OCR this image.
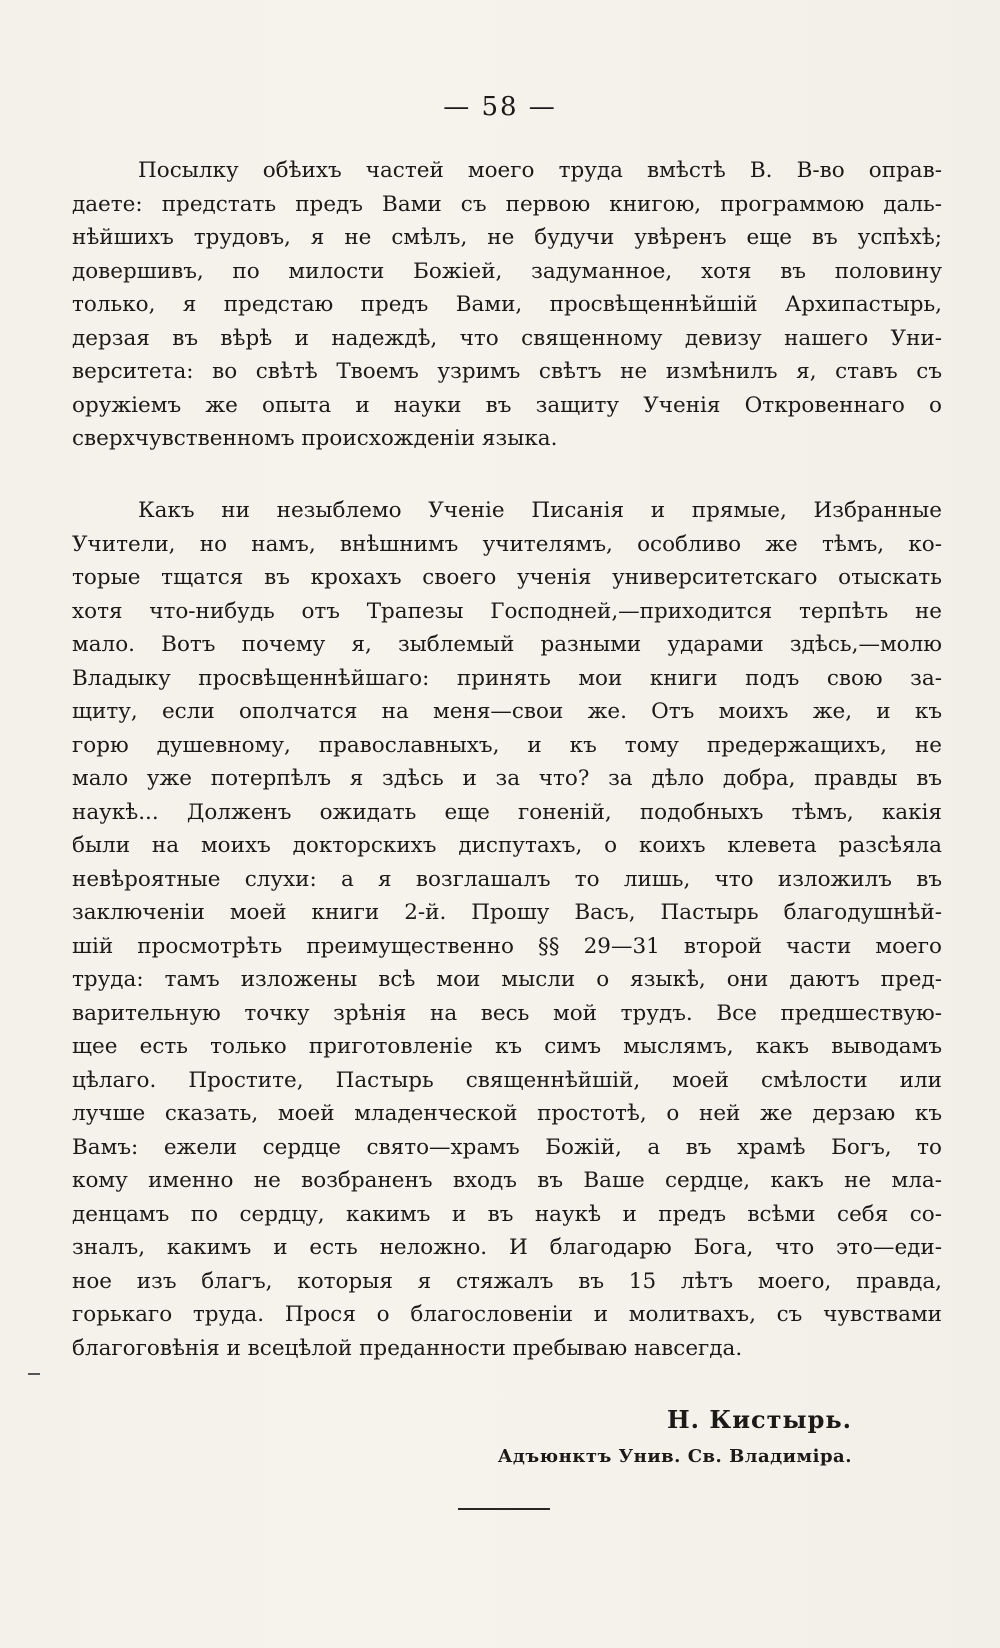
— 58 —
Посылку обѣихъ частей моего труда вмѣстѣ В. В-во оправ-
даете: предстать предъ Вами съ первою книгою, программою даль-
нѣйшихъ трудовъ, я не смѣлъ, не будучи увѣренъ еще въ успѣхѣ;
довершивъ, по милости Божіей, задуманное, хотя въ половину
только, я предстаю предъ Вами, просвѣщеннѣйшій Архипастырь,
дерзая въ вѣрѣ и надеждѣ, что священному девизу нашего Уни-
верситета: во свѣтѣ Твоемъ узримъ свѣтъ не измѣнилъ я, ставъ съ
оружіемъ же опыта и науки въ защиту Ученія Откровеннаго о
сверхчувственномъ происхожденіи языка.
Какъ ни незыблемо Ученіе Писанія и прямые, Избранные
Учители, но намъ, внѣшнимъ учителямъ, особливо же тѣмъ, ко-
торые тщатся въ крохахъ своего ученія университетскаго отыскать
хотя что-нибудь отъ Трапезы Господней,—приходится терпѣть не
мало. Вотъ почему я, зыблемый разными ударами здѣсь,—молю
Владыку просвѣщеннѣйшаго: принять мои книги подъ свою за-
щиту, если ополчатся на меня—свои же. Отъ моихъ же, и къ
горю душевному, православныхъ, и къ тому предержащихъ, не
мало уже потерпѣлъ я здѣсь и за что? за дѣло добра, правды въ
наукѣ... Долженъ ожидать еще гоненій, подобныхъ тѣмъ, какія
были на моихъ докторскихъ диспутахъ, о коихъ клевета разсѣяла
невѣроятные слухи: а я возглашалъ то лишь, что изложилъ въ
заключеніи моей книги 2-й. Прошу Васъ, Пастырь благодушнѣй-
шій просмотрѣть преимущественно §§ 29—31 второй части моего
труда: тамъ изложены всѣ мои мысли о языкѣ, они даютъ пред-
варительную точку зрѣнія на весь мой трудъ. Все предшествую-
щее есть только приготовленіе къ симъ мыслямъ, какъ выводамъ
цѣлаго. Простите, Пастырь священнѣйшій, моей смѣлости или
лучше сказать, моей младенческой простотѣ, о ней же дерзаю къ
Вамъ: ежели сердце свято—храмъ Божій, а въ храмѣ Богъ, то
кому именно не возбраненъ входъ въ Ваше сердце, какъ не мла-
денцамъ по сердцу, какимъ и въ наукѣ и предъ всѣми себя со-
зналъ, какимъ и есть неложно. И благодарю Бога, что это—еди-
ное изъ благъ, которыя я стяжалъ въ 15 лѣтъ моего, правда,
горькаго труда. Прося о благословеніи и молитвахъ, съ чувствами
благоговѣнія и всецѣлой преданности пребываю навсегда.
Н. Кистырь.
Адъюнктъ Унив. Св. Владиміра.
